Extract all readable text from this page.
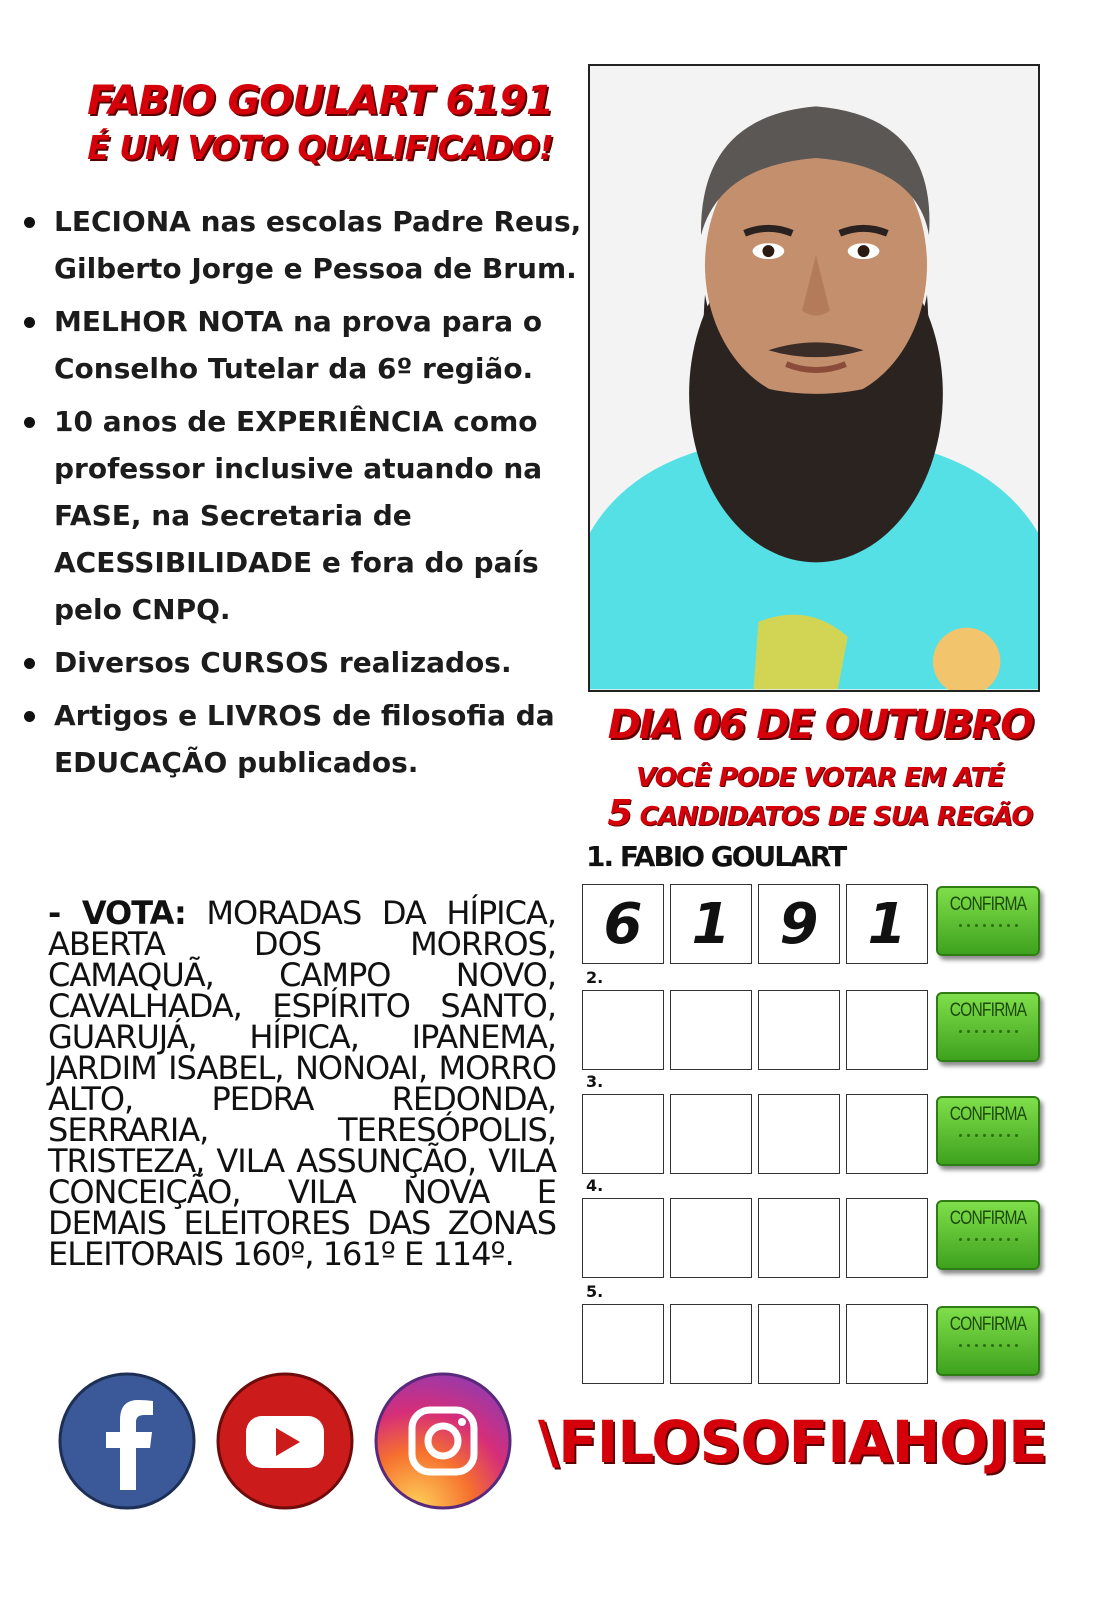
FABIO GOULART 6191
É UM VOTO QUALIFICADO!
LECIONA nas escolas Padre Reus, Gilberto Jorge e Pessoa de Brum.
MELHOR NOTA na prova para o Conselho Tutelar da 6º região.
10 anos de EXPERIÊNCIA como professor inclusive atuando na FASE, na Secretaria de ACESSIBILIDADE e fora do país pelo CNPQ.
Diversos CURSOS realizados.
Artigos e LIVROS de filosofia da EDUCAÇÃO publicados.
- VOTA: MORADAS DA HÍPICA, ABERTA DOS MORROS, CAMAQUÃ, CAMPO NOVO, CAVALHADA, ESPÍRITO SANTO, GUARUJÁ, HÍPICA, IPANEMA, JARDIM ISABEL, NONOAI, MORRO ALTO, PEDRA REDONDA, SERRARIA, TERESÓPOLIS, TRISTEZA, VILA ASSUNÇÃO, VILA CONCEIÇÃO, VILA NOVA E DEMAIS ELEITORES DAS ZONAS ELEITORAIS 160º, 161º E 114º.
DIA 06 DE OUTUBRO
VOCÊ PODE VOTAR EM ATÉ
5 CANDIDATOS DE SUA REGÃO
1. FABIO GOULART
6 1 9 1	CONFIRMA
2.
CONFIRMA
3.
CONFIRMA
4.
CONFIRMA
5.
CONFIRMA
\FILOSOFIAHOJE
